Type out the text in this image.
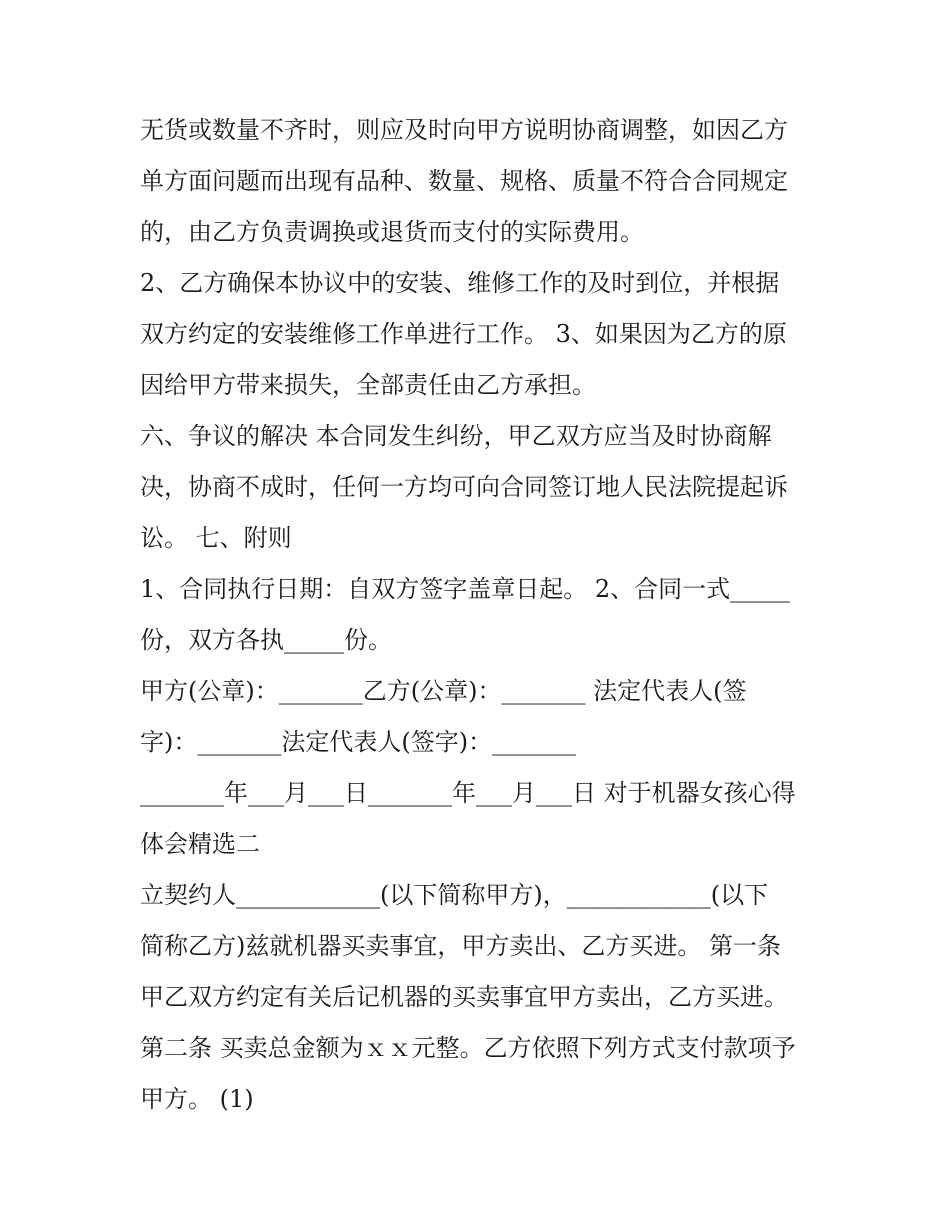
无货或数量不齐时，则应及时向甲方说明协商调整，如因乙方
单方面问题而出现有品种、数量、规格、质量不符合合同规定
的，由乙方负责调换或退货而支付的实际费用。
2、乙方确保本协议中的安装、维修工作的及时到位，并根据
双方约定的安装维修工作单进行工作。 3、如果因为乙方的原
因给甲方带来损失，全部责任由乙方承担。
六、争议的解决 本合同发生纠纷，甲乙双方应当及时协商解
决，协商不成时，任何一方均可向合同签订地人民法院提起诉
讼。 七、附则
1、合同执行日期：自双方签字盖章日起。 2、合同一式_____
份，双方各执_____份。
甲方(公章)：_______乙方(公章)：_______ 法定代表人(签
字)：_______法定代表人(签字)：_______
_______年___月___日_______年___月___日 对于机器女孩心得
体会精选二
立契约人____________(以下简称甲方)，____________(以下
简称乙方)兹就机器买卖事宜，甲方卖出、乙方买进。 第一条
甲乙双方约定有关后记机器的买卖事宜甲方卖出，乙方买进。
第二条 买卖总金额为ｘｘ元整。乙方依照下列方式支付款项予
甲方。 (1)
